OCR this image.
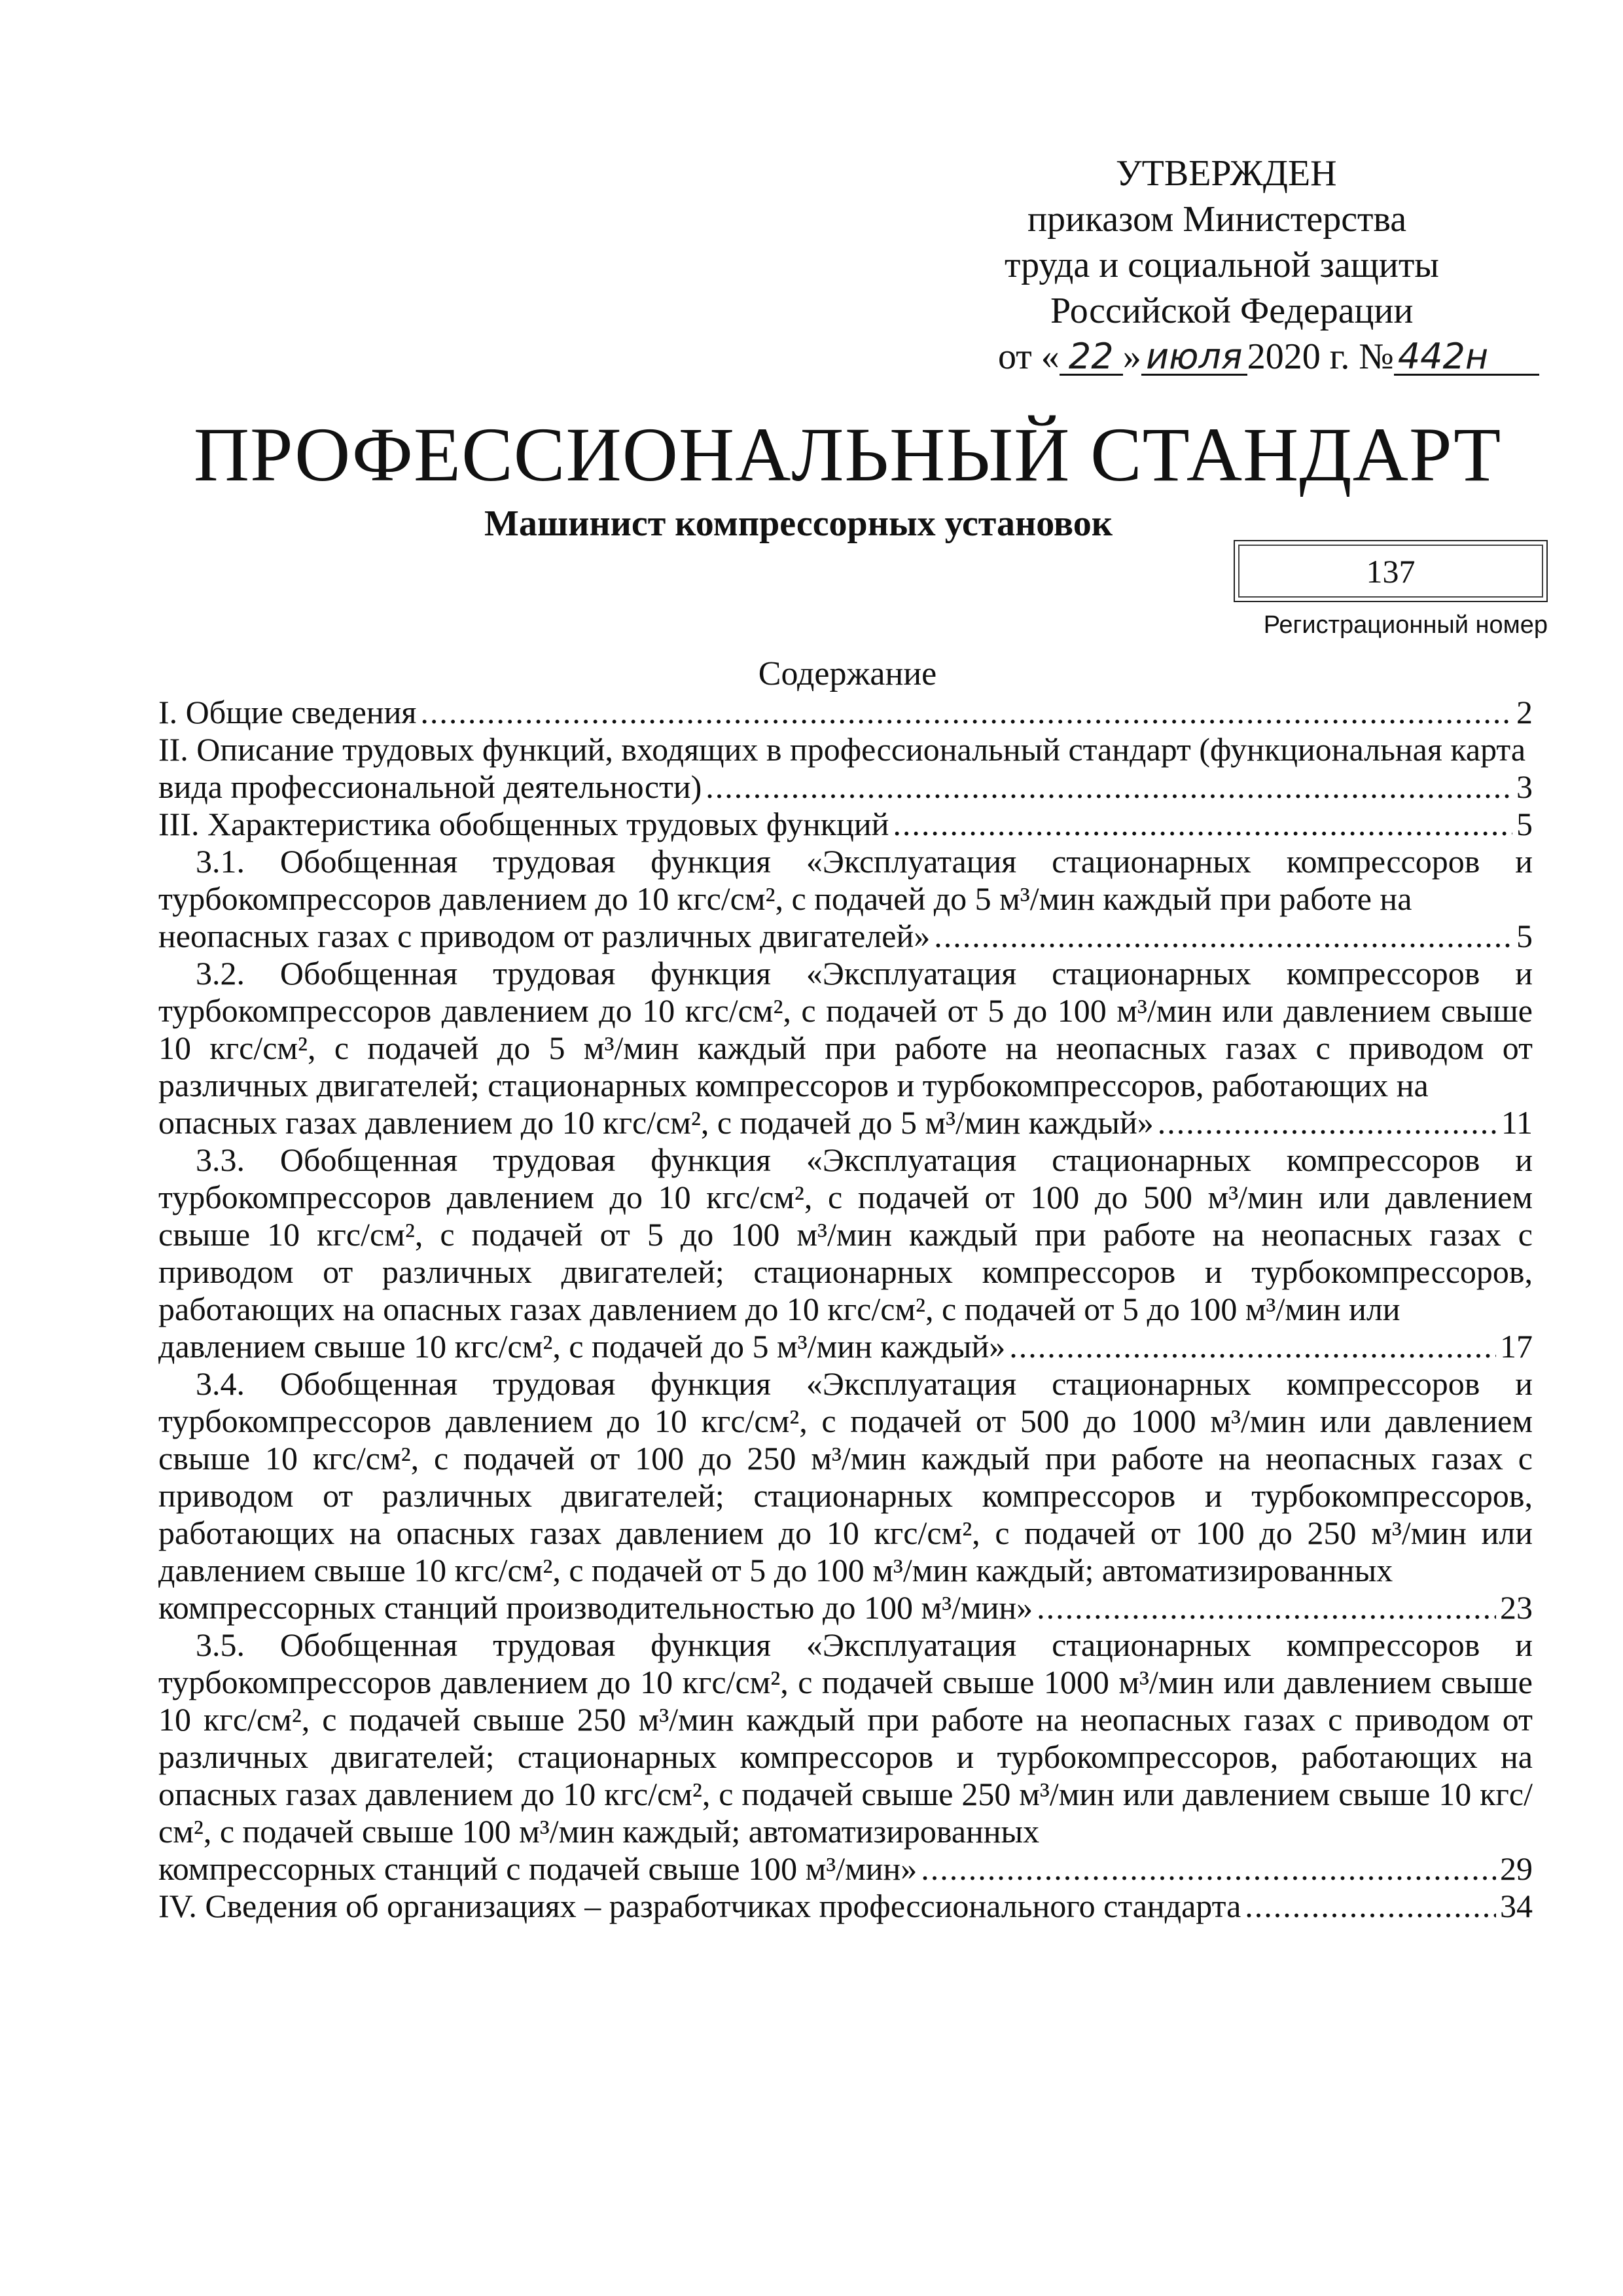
УТВЕРЖДЕН
приказом Министерства
труда и социальной защиты
Российской Федерации
от « 22 » июля 2020 г. № 442н
ПРОФЕССИОНАЛЬНЫЙ СТАНДАРТ
Машинист компрессорных установок
137
Регистрационный номер
Содержание
I. Общие сведения .....	2
II. Описание трудовых функций, входящих в профессиональный стандарт (функциональная карта
вида профессиональной деятельности) .....	3
III. Характеристика обобщенных трудовых функций .....	5
3.1. Обобщенная трудовая функция «Эксплуатация стационарных компрессоров и турбокомпрессоров давлением до 10 кгс/см², с подачей до 5 м³/мин каждый при работе на
неопасных газах с приводом от различных двигателей» .....	5
3.2. Обобщенная трудовая функция «Эксплуатация стационарных компрессоров и турбокомпрессоров давлением до 10 кгс/см², с подачей от 5 до 100 м³/мин или давлением свыше 10 кгс/см², с подачей до 5 м³/мин каждый при работе на неопасных газах с приводом от различных двигателей; стационарных компрессоров и турбокомпрессоров, работающих на
опасных газах давлением до 10 кгс/см², с подачей до 5 м³/мин каждый» .....	11
3.3. Обобщенная трудовая функция «Эксплуатация стационарных компрессоров и турбокомпрессоров давлением до 10 кгс/см², с подачей от 100 до 500 м³/мин или давлением свыше 10 кгс/см², с подачей от 5 до 100 м³/мин каждый при работе на неопасных газах с приводом от различных двигателей; стационарных компрессоров и турбокомпрессоров, работающих на опасных газах давлением до 10 кгс/см², с подачей от 5 до 100 м³/мин или
давлением свыше 10 кгс/см², с подачей до 5 м³/мин каждый» .....	17
3.4. Обобщенная трудовая функция «Эксплуатация стационарных компрессоров и турбокомпрессоров давлением до 10 кгс/см², с подачей от 500 до 1000 м³/мин или давлением свыше 10 кгс/см², с подачей от 100 до 250 м³/мин каждый при работе на неопасных газах с приводом от различных двигателей; стационарных компрессоров и турбокомпрессоров, работающих на опасных газах давлением до 10 кгс/см², с подачей от 100 до 250 м³/мин или давлением свыше 10 кгс/см², с подачей от 5 до 100 м³/мин каждый; автоматизированных
компрессорных станций производительностью до 100 м³/мин» .....	23
3.5. Обобщенная трудовая функция «Эксплуатация стационарных компрессоров и турбокомпрессоров давлением до 10 кгс/см², с подачей свыше 1000 м³/мин или давлением свыше 10 кгс/см², с подачей свыше 250 м³/мин каждый при работе на неопасных газах с приводом от различных двигателей; стационарных компрессоров и турбокомпрессоров, работающих на опасных газах давлением до 10 кгс/см², с подачей свыше 250 м³/мин или давлением свыше 10 кгс/см², с подачей свыше 100 м³/мин каждый; автоматизированных
компрессорных станций с подачей свыше 100 м³/мин» .....	29
IV. Сведения об организациях – разработчиках профессионального стандарта .....	34
